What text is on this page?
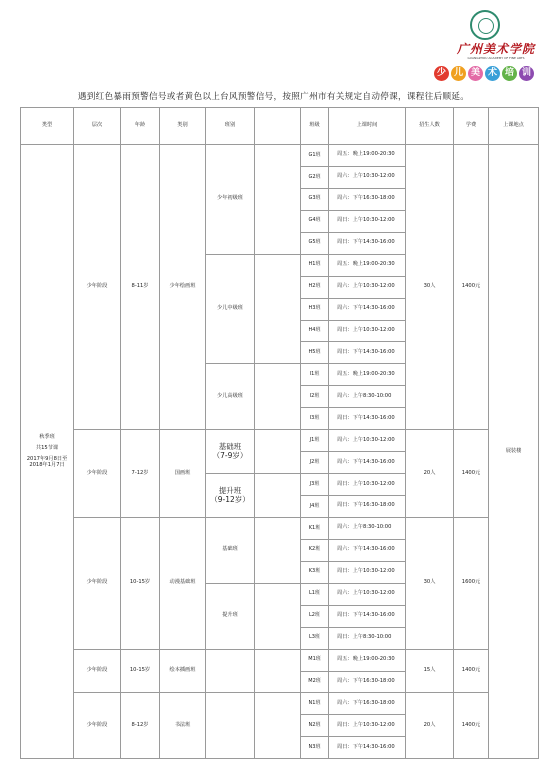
广州美术学院
GUANGZHOU ACADEMY OF FINE ARTS
少 儿 美 术 培 训
遇到红色暴雨预警信号或者黄色以上台风预警信号，按照广州市有关规定自动停课，课程往后顺延。
类型	层次	年龄	类别	班别		班级	上课时间	招生人数	学费	上课地点

秋季班
共15节课
2017年9月8日至
2018年1月7日	少年阶段	8-11岁	少年绘画班	少年初级班		G1班	周五：晚上19:00-20:30	30人	1400元	展装楼
						G2班	周六：上午10:30-12:00			
						G3班	周六：下午16:30-18:00			
						G4班	周日：上午10:30-12:00			
						G5班	周日：下午14:30-16:00			
				少儿中级班		H1班	周五：晚上19:00-20:30			
						H2班	周六：上午10:30-12:00			
						H3班	周六：下午14:30-16:00			
						H4班	周日：上午10:30-12:00			
						H5班	周日：下午14:30-16:00			
				少儿高级班		I1班	周五：晚上19:00-20:30			
						I2班	周六：上午8:30-10:00			
						I3班	周日：下午14:30-16:00			
	少年阶段	7-12岁	国画班	基础班
（7-9岁）		J1班	周六：上午10:30-12:00	20人	1400元	
						J2班	周六：下午14:30-16:00			
				提升班
（9-12岁）		J3班	周日：上午10:30-12:00			
						J4班	周日：下午16:30-18:00			
	少年阶段	10-15岁	动漫基础班	基础班		K1班	周六：上午8:30-10:00	30人	1600元	
						K2班	周六：下午14:30-16:00			
						K3班	周日：上午10:30-12:00			
				提升班		L1班	周六：上午10:30-12:00			
						L2班	周日：下午14:30-16:00			
						L3班	周日：上午8:30-10:00			
	少年阶段	10-15岁	绘本插画班			M1班	周五：晚上19:00-20:30	15人	1400元	
						M2班	周六：下午16:30-18:00			
	少年阶段	8-12岁	书法班			N1班	周六：下午16:30-18:00	20人	1400元	
						N2班	周日：上午10:30-12:00			
						N3班	周日：下午14:30-16:00			
